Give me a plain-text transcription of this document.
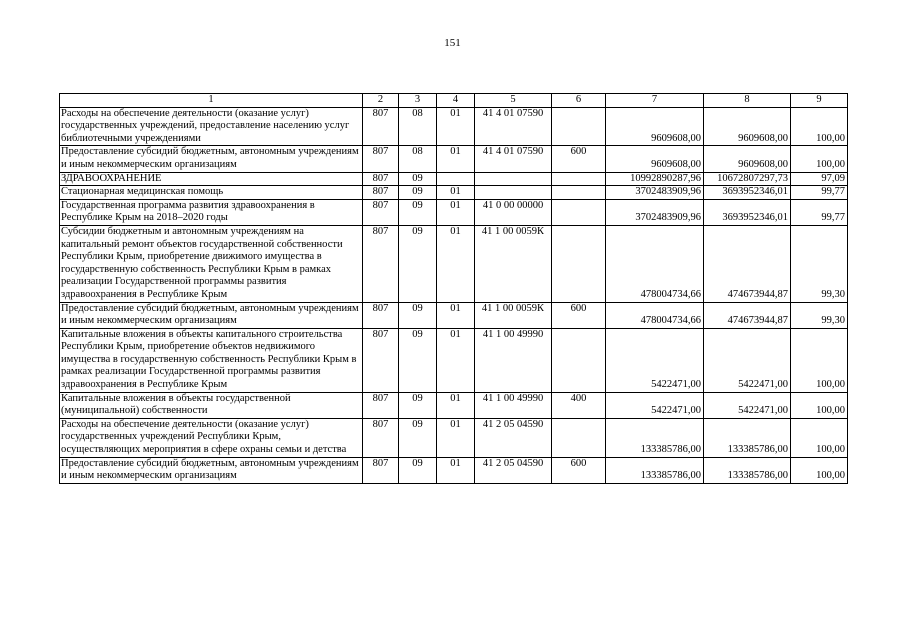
151
1	2	3	4	5	6	7	8	9
Расходы на обеспечение деятельности (оказание услуг) государственных учреждений, предоставление населению услуг библиотечными учреждениями	807	08	01	41 4 01 07590		9609608,00	9609608,00	100,00
Предоставление субсидий бюджетным, автономным учреждениям и иным некоммерческим организациям	807	08	01	41 4 01 07590	600	9609608,00	9609608,00	100,00
ЗДРАВООХРАНЕНИЕ	807	09				10992890287,96	10672807297,73	97,09
Стационарная медицинская помощь	807	09	01			3702483909,96	3693952346,01	99,77
Государственная программа развития здравоохранения в Республике Крым на 2018–2020 годы	807	09	01	41 0 00 00000		3702483909,96	3693952346,01	99,77
Субсидии бюджетным и автономным учреждениям на капитальный ремонт объектов государственной собственности Республики Крым, приобретение движимого имущества в государственную собственность Республики Крым в рамках реализации Государственной программы развития здравоохранения в Республике Крым	807	09	01	41 1 00 0059К		478004734,66	474673944,87	99,30
Предоставление субсидий бюджетным, автономным учреждениям и иным некоммерческим организациям	807	09	01	41 1 00 0059К	600	478004734,66	474673944,87	99,30
Капитальные вложения в объекты капитального строительства Республики Крым, приобретение объектов недвижимого имущества в государственную собственность Республики Крым в рамках реализации Государственной программы развития здравоохранения в Республике Крым	807	09	01	41 1 00 49990		5422471,00	5422471,00	100,00
Капитальные вложения в объекты государственной (муниципальной) собственности	807	09	01	41 1 00 49990	400	5422471,00	5422471,00	100,00
Расходы на обеспечение деятельности (оказание услуг) государственных учреждений Республики Крым, осуществляющих мероприятия в сфере охраны семьи и детства	807	09	01	41 2 05 04590		133385786,00	133385786,00	100,00
Предоставление субсидий бюджетным, автономным учреждениям и иным некоммерческим организациям	807	09	01	41 2 05 04590	600	133385786,00	133385786,00	100,00
